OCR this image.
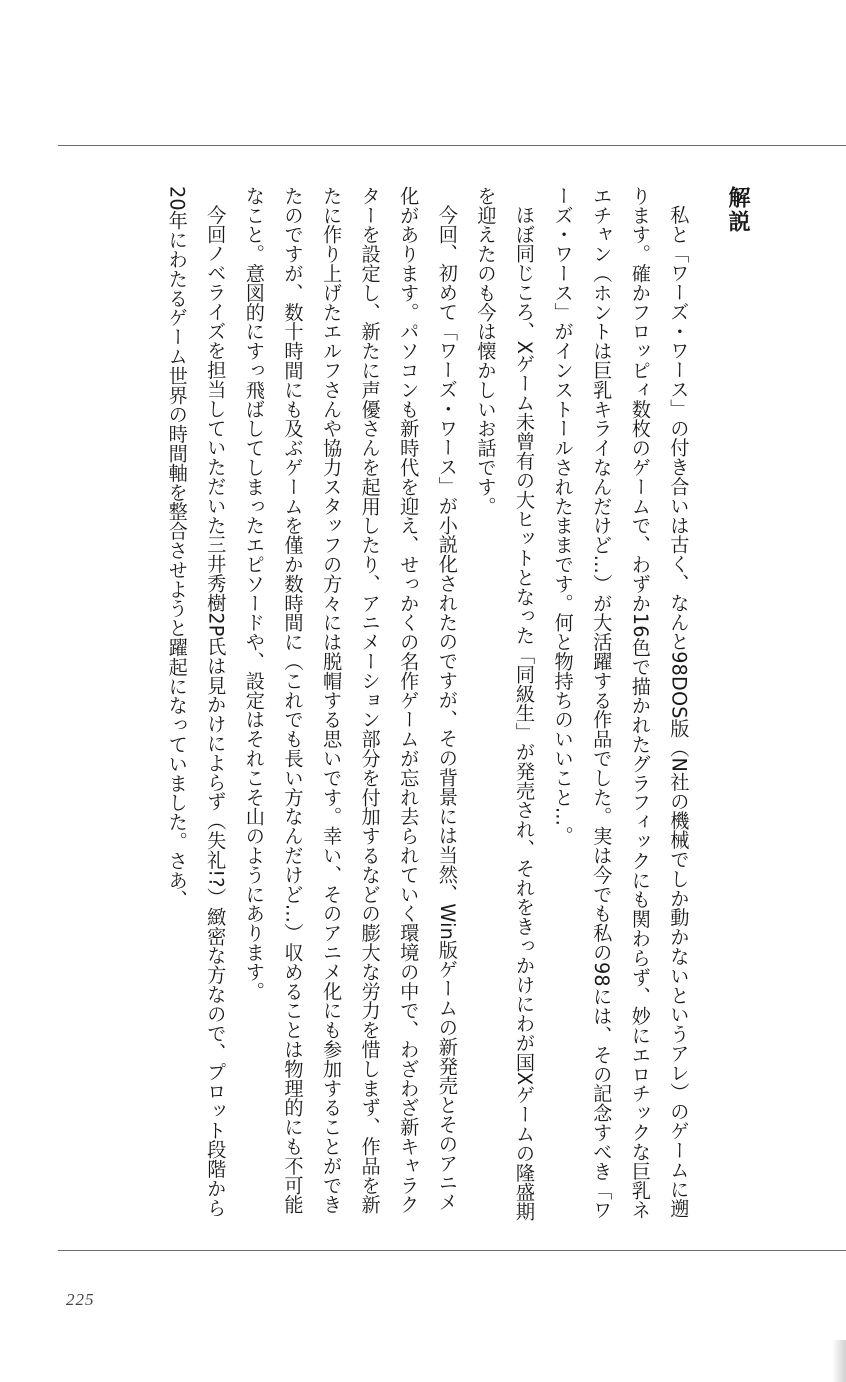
解説

私と「ワーズ・ワース」の付き合いは古く、なんと98DOS版（N社の機械でしか動かないというアレ）のゲームに遡ります。確かフロッピィ数枚のゲームで、わずか16色で描かれたグラフィックにも関わらず、妙にエロチックな巨乳ネエチャン（ホントは巨乳キライなんだけど…）が大活躍する作品でした。実は今でも私の98には、その記念すべき「ワーズ・ワース」がインストールされたままです。何と物持ちのいいこと…。

ほぼ同じころ、Xゲーム未曾有の大ヒットとなった「同級生」が発売され、それをきっかけにわが国Xゲームの隆盛期を迎えたのも今は懐かしいお話です。

今回、初めて「ワーズ・ワース」が小説化されたのですが、その背景には当然、Win版ゲームの新発売とそのアニメ化があります。パソコンも新時代を迎え、せっかくの名作ゲームが忘れ去られていく環境の中で、わざわざ新キャラクターを設定し、新たに声優さんを起用したり、アニメーション部分を付加するなどの膨大な労力を惜しまず、作品を新たに作り上げたエルフさんや協力スタッフの方々には脱帽する思いです。幸い、そのアニメ化にも参加することができたのですが、数十時間にも及ぶゲームを僅か数時間に（これでも長い方なんだけど…）収めることは物理的にも不可能なこと。意図的にすっ飛ばしてしまったエピソードや、設定はそれこそ山のようにあります。

今回ノベライズを担当していただいた三井秀樹2P氏は見かけによらず（失礼!?）緻密な方なので、プロット段階から20年にわたるゲーム世界の時間軸を整合させようと躍起になっていました。さあ、

225
